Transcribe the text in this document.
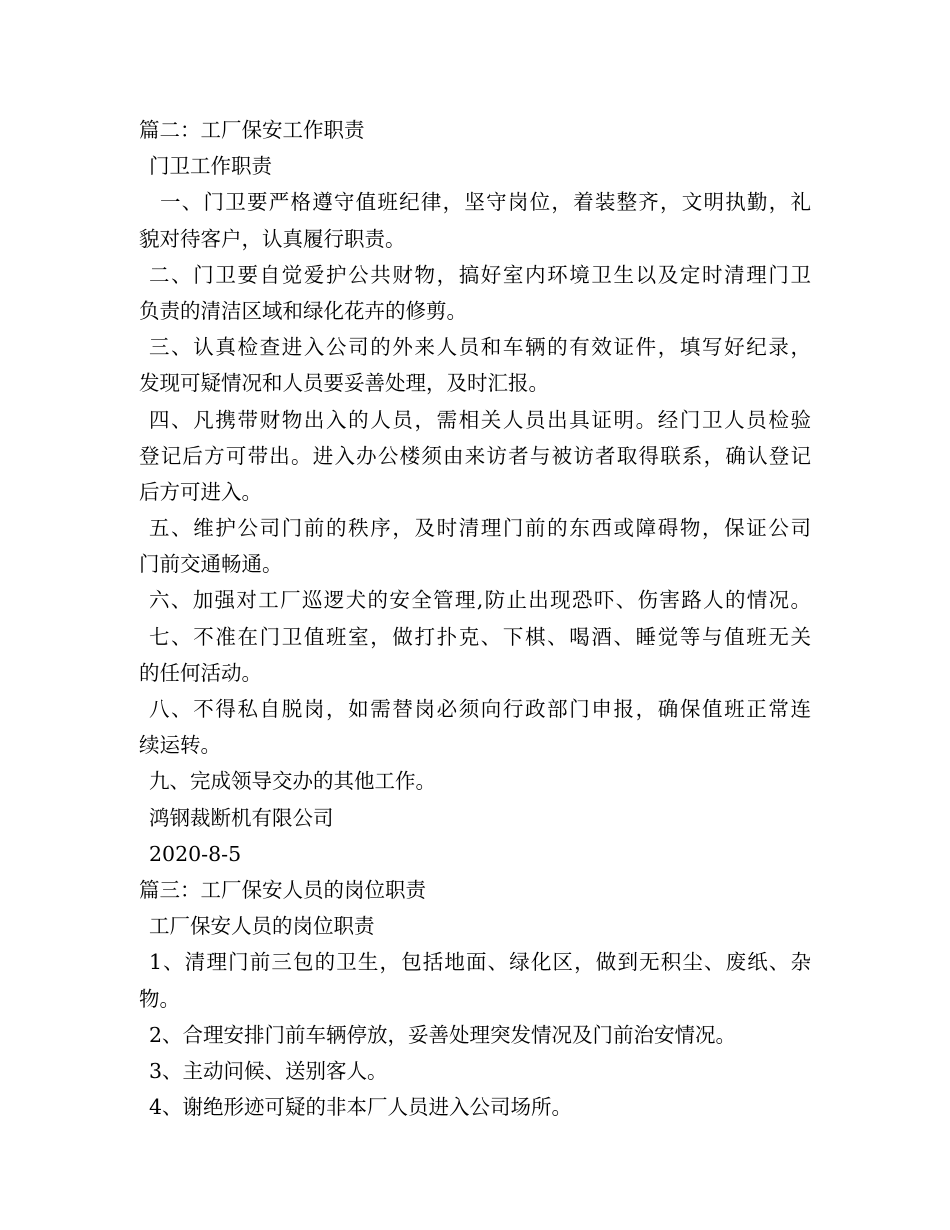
篇二：工厂保安工作职责
门卫工作职责
一、门卫要严格遵守值班纪律，坚守岗位，着装整齐，文明执勤，礼
貌对待客户，认真履行职责。
二、门卫要自觉爱护公共财物，搞好室内环境卫生以及定时清理门卫
负责的清洁区域和绿化花卉的修剪。
三、认真检查进入公司的外来人员和车辆的有效证件，填写好纪录，
发现可疑情况和人员要妥善处理，及时汇报。
四、凡携带财物出入的人员，需相关人员出具证明。经门卫人员检验
登记后方可带出。进入办公楼须由来访者与被访者取得联系，确认登记
后方可进入。
五、维护公司门前的秩序，及时清理门前的东西或障碍物，保证公司
门前交通畅通。
六、加强对工厂巡逻犬的安全管理,防止出现恐吓、伤害路人的情况。
七、不准在门卫值班室，做打扑克、下棋、喝酒、睡觉等与值班无关
的任何活动。
八、不得私自脱岗，如需替岗必须向行政部门申报，确保值班正常连
续运转。
九、完成领导交办的其他工作。
鸿钢裁断机有限公司
2020-8-5
篇三：工厂保安人员的岗位职责
工厂保安人员的岗位职责
1、清理门前三包的卫生，包括地面、绿化区，做到无积尘、废纸、杂
物。
2、合理安排门前车辆停放，妥善处理突发情况及门前治安情况。
3、主动问候、送别客人。
4、谢绝形迹可疑的非本厂人员进入公司场所。
